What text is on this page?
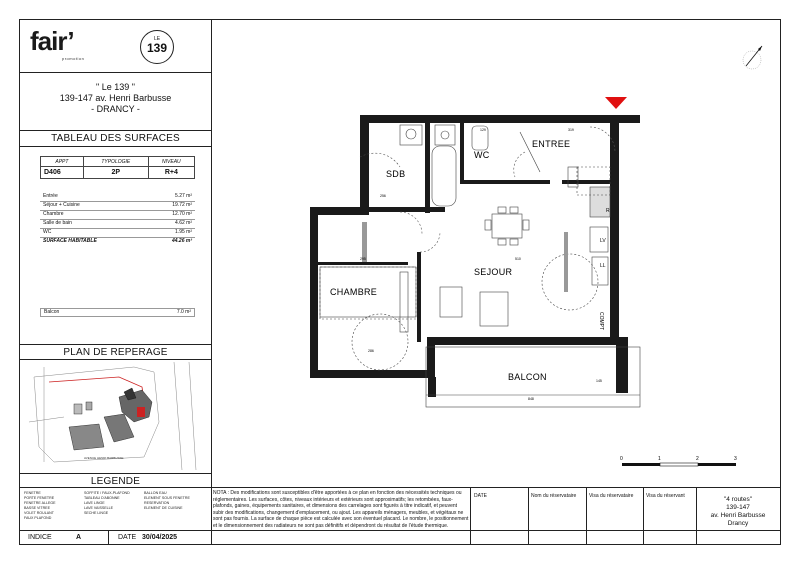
fair’
promotion
LE
139
" Le 139 "
139-147 av. Henri Barbusse
- DRANCY -
TABLEAU DES SURFACES
APPT	TYPOLOGIE	NIVEAU
D406	2P	R+4
Entrée	5.27 m²
Séjour + Cuisine	19.72 m²
Chambre	12.70 m²
Salle de bain	4.62 m²
WC	1.95 m²
SURFACE HABITABLE	44.26 m²
Balcon	7.0 m²
PLAN DE REPERAGE
AVENUE HENRI BARBUSSE
LEGENDE
FENETRE
PORTE FENETRE
FENETRE ALLEGE
BASSE VITREE
VOLET ROULANT
FAUX PLAFOND
SOFFITE / FAUX-PLAFOND
TABLEAU D'ABONNE
LAVE LINGE
LAVE VAISSELLE
SECHE LINGE
BALLON EAU
ELEMENT SOUS FENETRE
RESERVATION
ELEMENT DE CUISINE
INDICE	A	DATE 30/04/2025
NOTA : Des modifications sont susceptibles d'être apportées à ce plan en fonction des nécessités techniques ou réglementaires. Les surfaces, côtes, niveaux intérieurs et extérieurs sont approximatifs; les retombées, faux-plafonds, gaines, équipements sanitaires, et dimensions des carrelages sont figurés à titre indicatif, et peuvent subir des modifications, changement d'emplacement, ou ajout. Les appareils ménagers, meubles, et végétaux ne sont pas fournis. La surface de chaque pièce est calculée avec son éventuel placard. Le nombre, le positionnement et le dimensionnement des radiateurs ne sont pas définitifs et dépendront du résultat de l'étude thermique.
DATE	Nom du réservataire	Visa du réservataire	Visa du réservant	"4 routes"
139-147
av. Henri Barbusse
Drancy
ENTREE
WC
SDB
SEJOUR
CHAMBRE
BALCON
R
LV
LL
COMPT
129	319
256
295	510
286
848
145
0	1	2	3
